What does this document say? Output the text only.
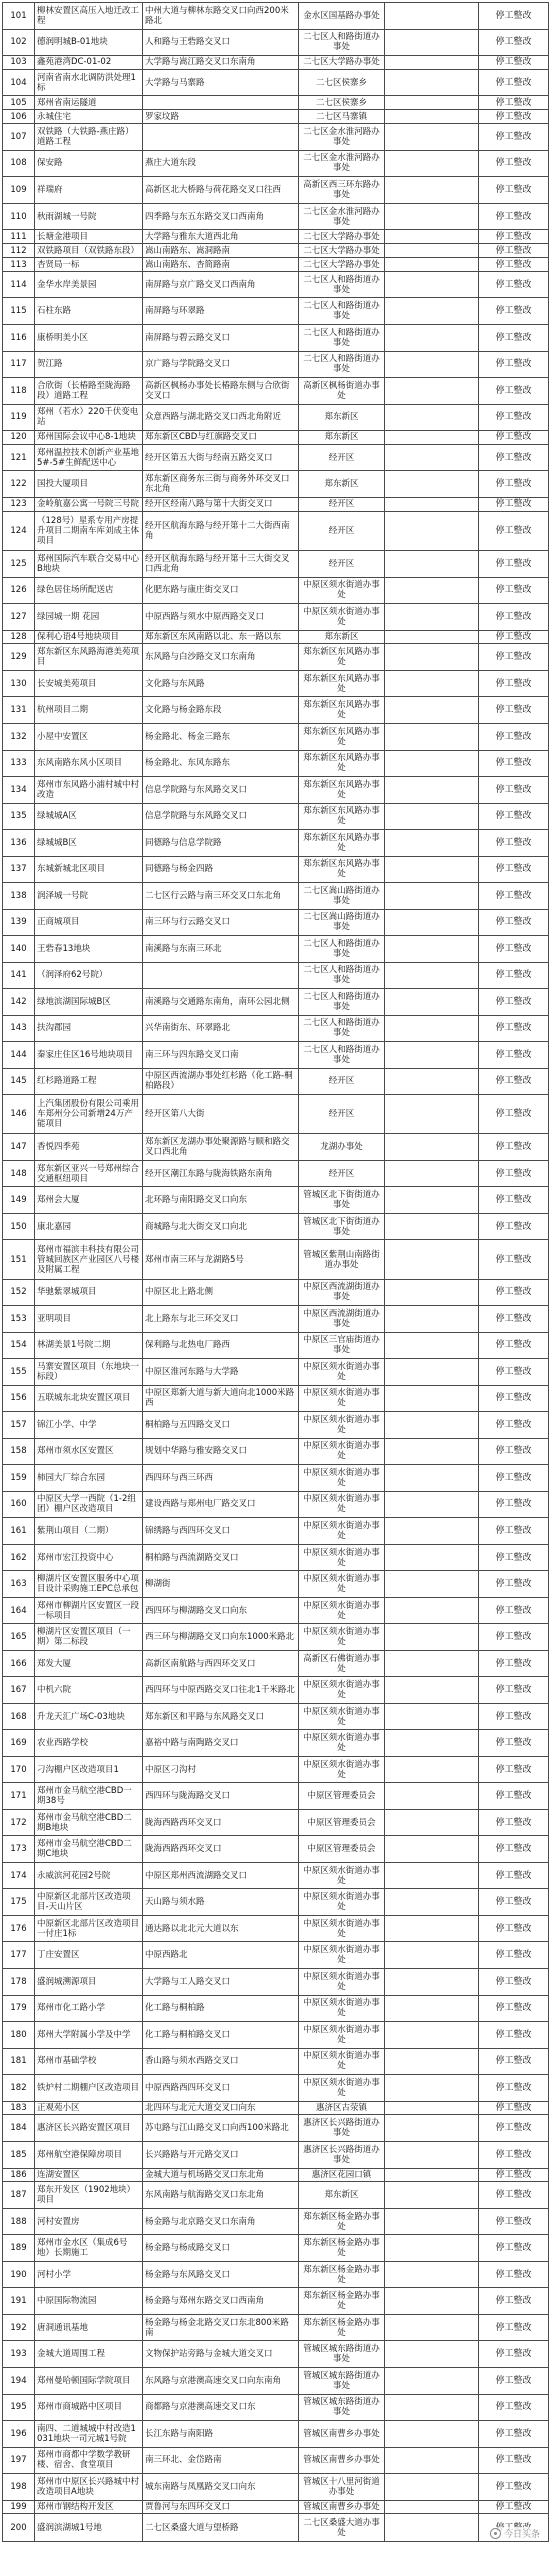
101	柳林安置区高压入地迁改工程	中州大道与柳林东路交叉口向西200米路北	金水区国基路办事处		停工整改
102	德润明城B-01地块	人和路与王砦路交叉口	二七区人和路街道办事处		停工整改
103	鑫苑港湾DC-01-02	大学路与嵩江路交叉口东南角	二七区大学路办事处		停工整改
104	河南省南水北调防洪处理1标	大学路与马寨路	二七区侯寨乡		停工整改
105	郑州省南运隧道		二七区侯寨乡		停工整改
106	永城住宅	罗家坟路	二七区马寨镇		停工整改
107	双铁路（大铁路-燕庄路）道路工程		二七区金水淮河路办事处		停工整改
108	保安路	燕庄大道东段	二七区金水淮河路办事处		停工整改
109	祥瑞府	高新区北大桥路与荷花路交叉口往西	高新区西三环东路办事处		停工整改
110	秋雨湖城一号院	四季路与东五东路交叉口西南角	二七区金水淮河路办事处		停工整改
111	长塘金港项目	大学路与雅东大道西北角	二七区大学路办事处		停工整改
112	双铁路项目（双铁路东段）	嵩山南路东、嵩洞路南	二七区大学路办事处		停工整改
113	杏贤局一标	嵩山南路东、杏简路南	二七区大学路办事处		停工整改
114	金华水岸美景园	南屏路与京广路交叉口西南角	二七区人和路街道办事处		停工整改
115	石柱东路	南屏路与环翠路	二七区人和路街道办事处		停工整改
116	康桥明美小区	南屏路与碧云路交叉口	二七区人和路街道办事处		停工整改
117	贺江路	京广路与学院路交叉口	二七区人和路街道办事处		停工整改
118	合欣街（长椿路至陇海路段）道路工程	高新区枫杨办事处长椿路东侧与合欣街交叉口	高新区枫杨街道办事处		停工整改
119	郑州（若水）220千伏变电站	众意西路与湖北路交叉口西北角附近	郑东新区		停工整改
120	郑州国际会议中心8-1地块	郑东新区CBD与红旗路交叉口	郑东新区		停工整改
121	郑州温控技术创新产业基地5#-5#生鲜配送中心	经开区第五大街与经南五路交叉口	经开区		停工整改
122	国投大厦项目	郑东新区商务东三街与商务外环交叉口东北角	郑东新区		停工整改
123	金岭航嘉公寓一号院三号院	经开区经南八路与第十大街交叉口	经开区		停工整改
124	（128号）星系专用产房提升项目二期南车库刘成主体项目	经开区航海东路与经开第十二大街西南角	经开区		停工整改
125	郑州国际汽车联合交易中心B地块	经开区航海东路与经开第十三大街交叉口西北角	经开区		停工整改
126	绿色居住场所配送店	化肥东路与康庄街交叉口	中原区须水街道办事处		停工整改
127	绿园城一期 花园	中原西路与须水中原西路交叉口	中原区须水街道办事处		停工整改
128	保利心语4号地块项目	郑东新区东风南路以北、东一路以东	郑东新区		停工整改
129	郑东新区东风路海港美苑项目	东风路与白沙路交叉口东南角	郑东新区东风路办事处		停工整改
130	长安城美苑项目	文化路与东风路	郑东新区东风路办事处		停工整改
131	杭州项目二期	文化路与杨金路东段	郑东新区东风路办事处		停工整改
132	小屋中安置区	杨金路北、杨金三路东	郑东新区东风路办事处		停工整改
133	东风南路东风小区项目	杨金路北、东风东路东	郑东新区东风路办事处		停工整改
134	郑州市东风路小浦村城中村改造	信息学院路与东风路交叉口	郑东新区东风路办事处		停工整改
135	绿城城A区	信息学院路与东风路交叉口	郑东新区东风路办事处		停工整改
136	绿城城B区	同德路与信息学院路	郑东新区东风路办事处		停工整改
137	东城新城北区项目	同德路与杨金四路	郑东新区东风路办事处		停工整改
138	润泽城一号院	二七区行云路与南三环交叉口东北角	二七区嵩山路街道办事处		停工整改
139	正商城项目	南三环与行云路交叉口	二七区嵩山路街道办事处		停工整改
140	王砦春13地块	南溪路与东南三环北	二七区人和路街道办事处		停工整改
141	（润泽府62号院）		二七区人和路街道办事处		停工整改
142	绿地滨湖国际城B区	南溪路与交通路东南角，南环公园北侧	二七区人和路街道办事处		停工整改
143	扶沟郡园	兴华南街东、环翠路北	二七区人和路街道办事处		停工整改
144	秦家庄住区16号地块项目	南三环与四东路交叉口南	二七区人和路街道办事处		停工整改
145	红杉路道路工程	中原区西流湖办事处红杉路（化工路-桐柏路段）	经开区		停工整改
146	上汽集团股份有限公司乘用车郑州分公司新增24万产能项目	经开区第八大街	经开区		停工整改
147	香悦四季苑	郑东新区龙湖办事处聚源路与顺和路交叉口西北角	龙湖办事处		停工整改
148	郑东新区亚兴一号郑州综合交通枢纽项目	经开区潮江东路与陇海铁路东南角	经开区		停工整改
149	郑州会大厦	北环路与南阳路交叉口向东	管城区北下街街道办事处		停工整改
150	康北嘉园	商城路与北大街交叉口向北	管城区北下街街道办事处		停工整改
151	郑州市福滨丰科技有限公司管城回族区产业园区八号楼及附属工程	郑州市南三环与龙湖路5号	管城区紫荆山南路街道办事处		停工整改
152	华驰紫翠城项目	中原区北上路北侧	中原区西流湖街道办事处		停工整改
153	亚明项目	北上路东与北三环交叉口	中原区西流湖街道办事处		停工整改
154	林湖美景1号院二期	保利路与北热电厂路西	中原区三官庙街道办事处		停工整改
155	马寨安置区项目（东地块一标段）	中原区淮河东路与大学路	中原区须水街道办事处		停工整改
156	五联城东北块安置区项目	中原区郑新大道与新大道向北1000米路西	中原区须水街道办事处		停工整改
157	锦江小学、中学	桐柏路与五四路交叉口	中原区须水街道办事处		停工整改
158	郑州市须水区安置区	规划中华路与雅安路交叉口	中原区须水街道办事处		停工整改
159	柿园大厂综合东园	西四环与西三环西	中原区须水街道办事处		停工整改
160	中原区大学一西院（1-2组团）棚户区改造项目	建设西路与郑州电厂路交叉口	中原区须水街道办事处		停工整改
161	紫荆山项目（二期）	锦绣路与西四环交叉口	中原区须水街道办事处		停工整改
162	郑州市宏江投资中心	桐柏路与西流湖路交叉口	中原区须水街道办事处		停工整改
163	柳湖片区安置区服务中心项目设计采购施工EPC总承包	柳湖街	中原区须水街道办事处		停工整改
164	郑州市柳湖片区安置区一段一标项目	西四环与柳湖路交叉口向东	中原区须水街道办事处		停工整改
165	柳湖片区安置区项目（一期）第二标段	西三环与柳湖路交叉口向东1000米路北	中原区须水街道办事处		停工整改
166	郑发大厦	高新区南航路与西四环交叉口	高新区石佛街道办事处		停工整改
167	中机六院	西四环与中原西路交叉口往北1千米路北	中原区须水街道办事处		停工整改
168	升龙天汇广场C-03地块	郑东新区和平路与东风路交叉口	中原区须水街道办事处		停工整改
169	农业西路学校	嘉裕中路与南陶路交叉口	中原区须水街道办事处		停工整改
170	刁沟棚户区改造项目1	中原区刁沟村	中原区须水街道办事处		停工整改
171	郑州市金马航空港CBD一期38号	西四环与陇海路交叉口	中原区管理委员会		停工整改
172	郑州市金马航空港CBD二期B地块	陇海西路西环交叉口	中原区管理委员会		停工整改
173	郑州市金马航空港CBD二期C地块	陇海西路西环交叉口	中原区管理委员会		停工整改
174	永威滨河花园2号院	中原区郑州西流湖路交叉口	中原区须水街道办事处		停工整改
175	中原新区北部片区改造项目-天山片区	天山路与须水路	中原区须水街道办事处		停工整改
176	中原新区北部片区改造项目一付庄1标	通达路以北北元大道以东	中原区须水街道办事处		停工整改
177	丁庄安置区	中原西路北	中原区须水街道办事处		停工整改
178	盛润城溯源项目	大学路与工人路交叉口	中原区须水街道办事处		停工整改
179	郑州市化工路小学	化工路与桐柏路	中原区须水街道办事处		停工整改
180	郑州大学附属小学及中学	化工路与桐柏路交叉口	中原区须水街道办事处		停工整改
181	郑州市基础学校	香山路与须水西路交叉口	中原区须水街道办事处		停工整改
182	铁炉村二期棚户区改造项目	中原西路西四环交叉口	中原区须水街道办事处		停工整改
183	正观苑小区	北四环与北元大道交叉口向东	惠济区古荥镇		停工整改
184	惠济区长兴路安置区项目	苏屯路与江山路交叉口向西100米路北	惠济区长兴路街道办事处		停工整改
185	郑州航空港保障房项目	长兴路路与开元路交叉口	惠济区长兴路街道办事处		停工整改
186	连湖安置区	金城大道与机场路交叉口东北角	惠济区花园口镇		停工整改
187	郑东开发区（1902地块）项目	东风南路与航海路交叉口东北角	郑东新区		停工整改
188	河村安置房	杨金路与北京路交叉口东南角	郑东新区杨金路办事处		停工整改
189	郑州市金水区（集成6号地）长期施工	杨金路与杨成路交叉口	郑东新区杨金路办事处		停工整改
190	河村小学	杨金路与东风路交叉口	郑东新区杨金路办事处		停工整改
191	中原国际物流园	杨金路与郑州东路交叉口西南角	郑东新区杨金路办事处		停工整改
192	唐洞通讯基地	杨金路与杨金北路交叉口东北800米路南	郑东新区杨金路办事处		停工整改
193	金城大道周围工程	文物保护站旁路与金城大道交叉口	管城区城东路街道办事处		停工整改
194	郑州曼哈顿国际学院项目	东风路与京港澳高速交叉口向东南角	管城区城东路街道办事处		停工整改
195	郑州市商城路中区项目	商都路与京港澳高速交叉口东	管城区城东路街道办事处		停工整改
196	南四、二道城城中村改造1031地块一司元城1号院	长江东路与南阳路	管城区南曹乡办事处		停工整改
197	郑州市商都中学数学教研楼、宿舍、食堂项目	南三环北、金岱路南	管城区南曹乡办事处		停工整改
198	郑州市中原区长兴路城中村改造项目A地块	城东南路与凤凰路交叉口向东	管城区十八里河街道办事处		停工整改
199	郑州市钢结构开发区	贾鲁河与东四环交叉口	管城区南曹乡办事处		停工整改
200	盛润滨湖城1号地	二七区桑盛大道与望桥路	二七区桑盛大道办事处			今日头条
